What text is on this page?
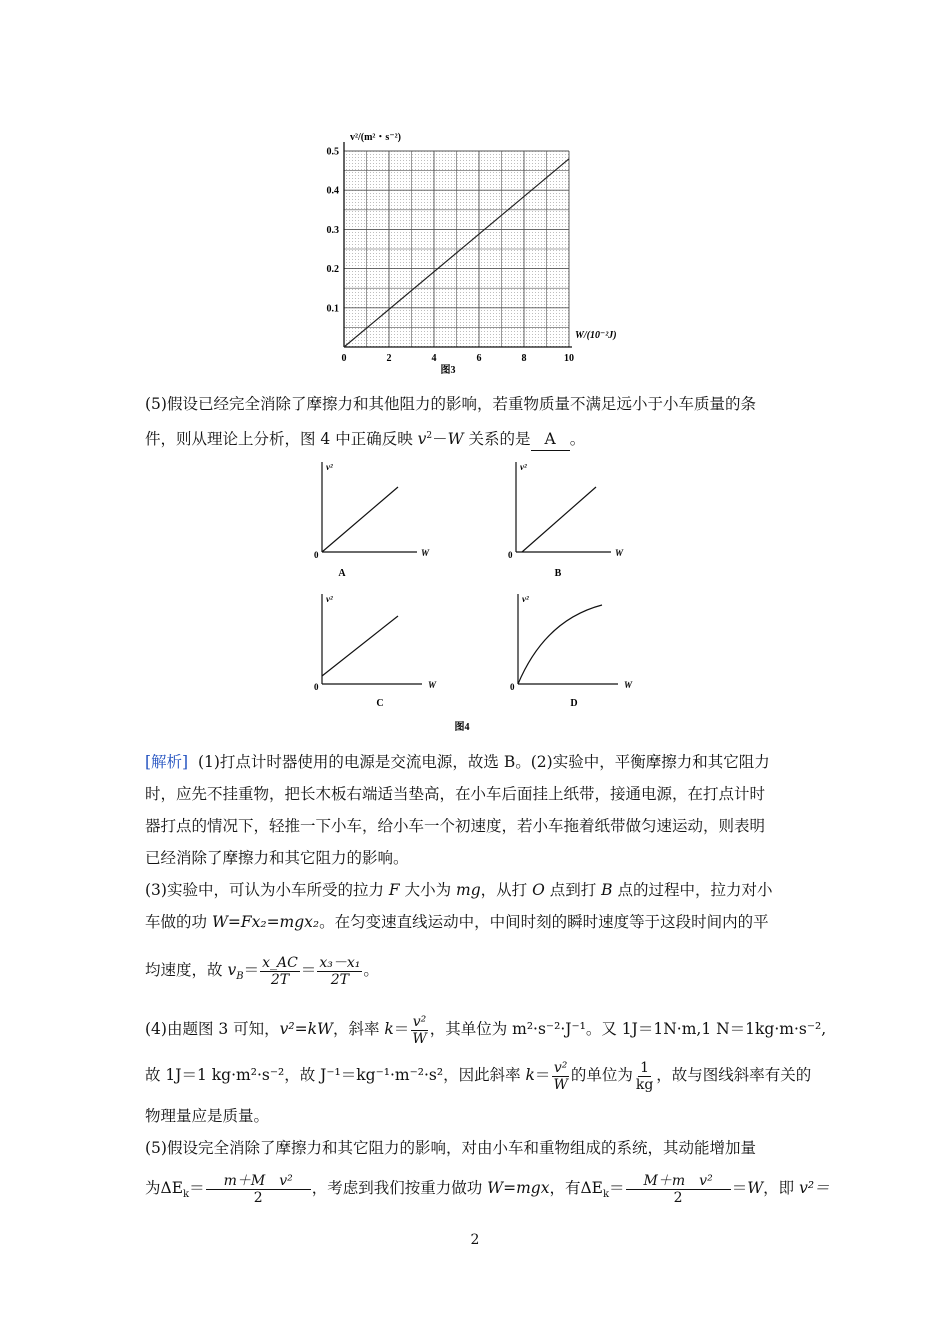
0.5
0.4
0.3
0.2
0.1
0	2	4	6	8	10
v²/(m²・s⁻²)
W/(10⁻²J)
图3
(5)假设已经完全消除了摩擦力和其他阻力的影响，若重物质量不满足远小于小车质量的条
件，则从理论上分析，图 4 中正确反映 $v^2-W$ 关系的是 A 。
v²
W
0
A
v²
W
0
B
v²
W
0
C
v²
W
0
D
图4
[解析] (1)打点计时器使用的电源是交流电源，故选 B。(2)实验中，平衡摩擦力和其它阻力
时，应先不挂重物，把长木板右端适当垫高，在小车后面挂上纸带，接通电源，在打点计时
器打点的情况下，轻推一下小车，给小车一个初速度，若小车拖着纸带做匀速运动，则表明
已经消除了摩擦力和其它阻力的影响。
(3)实验中，可认为小车所受的拉力 F 大小为 mg，从打 O 点到打 B 点的过程中，拉力对小
车做的功 W=Fx₂=mgx₂。在匀变速直线运动中，中间时刻的瞬时速度等于这段时间内的平
均速度，故 $v_B= \frac{x\_AC}{2T} = \frac{\text{x₃－x₁}}{2T}$ 。
(4)由题图 3 可知，v²=kW，斜率 $k= \frac{\text{v²}}{W}$ ，其单位为 m²·s⁻²·J⁻¹。又 1J＝1N·m,1 N＝1kg·m·s⁻²,
故 1J＝1 kg·m²·s⁻²，故 J⁻¹＝kg⁻¹·m⁻²·s²，因此斜率 $k= \frac{\text{v²}}{W}$ 的单位为 $\frac{1}{kg}$ ，故与图线斜率有关的
物理量应是质量。
(5)假设完全消除了摩擦力和其它阻力的影响，对由小车和重物组成的系统，其动能增加量
为$\Delta E_k= \frac{\text{m＋M　v²}}{2}$ ，考虑到我们按重力做功 W=mgx，有$\Delta E_k= \frac{\text{M＋m　v²}}{2} =W$，即 v²＝
2
